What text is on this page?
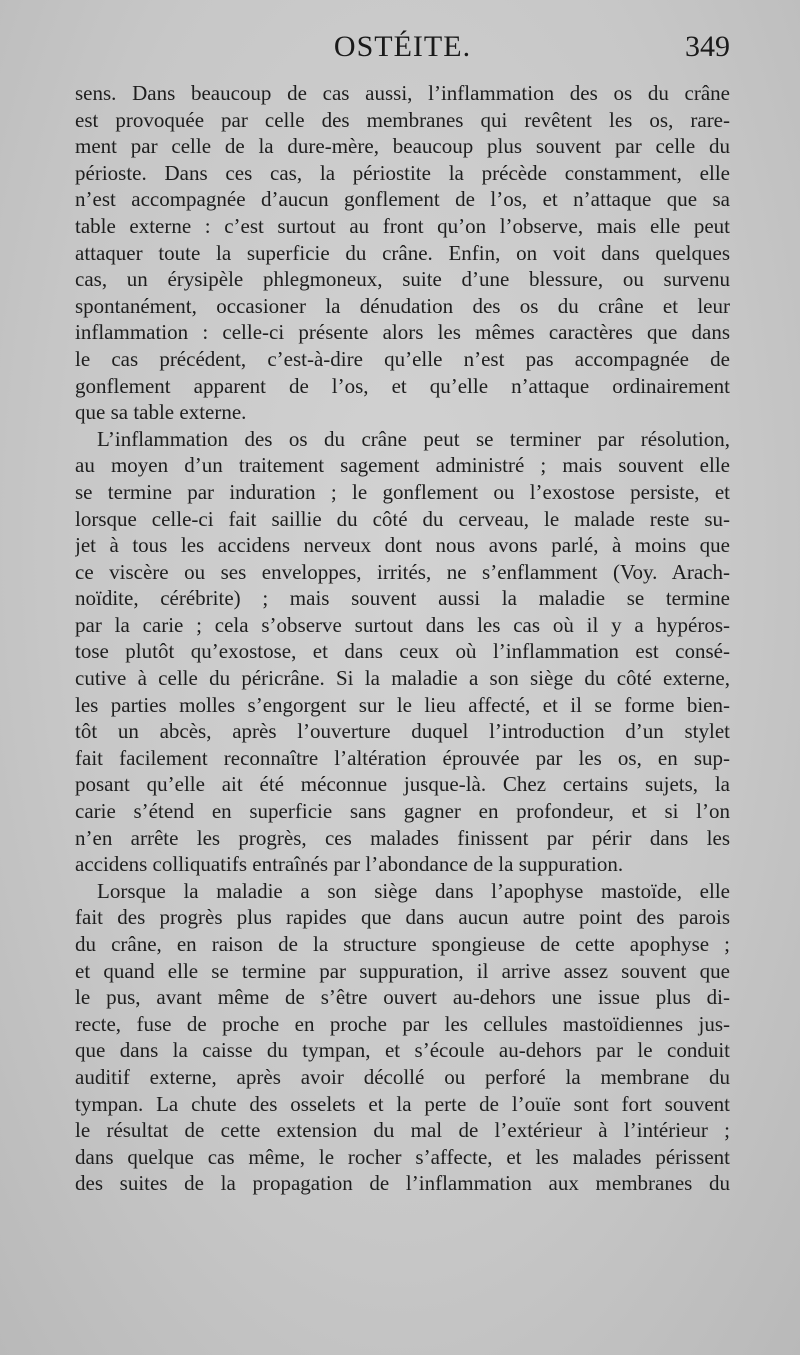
OSTÉITE.	349
sens. Dans beaucoup de cas aussi, l’inflammation des os du crâne
est provoquée par celle des membranes qui revêtent les os, rare-
ment par celle de la dure-mère, beaucoup plus souvent par celle du
périoste. Dans ces cas, la périostite la précède constamment, elle
n’est accompagnée d’aucun gonflement de l’os, et n’attaque que sa
table externe : c’est surtout au front qu’on l’observe, mais elle peut
attaquer toute la superficie du crâne. Enfin, on voit dans quelques
cas, un érysipèle phlegmoneux, suite d’une blessure, ou survenu
spontanément, occasioner la dénudation des os du crâne et leur
inflammation : celle-ci présente alors les mêmes caractères que dans
le cas précédent, c’est-à-dire qu’elle n’est pas accompagnée de
gonflement apparent de l’os, et qu’elle n’attaque ordinairement
que sa table externe.
L’inflammation des os du crâne peut se terminer par résolution,
au moyen d’un traitement sagement administré ; mais souvent elle
se termine par induration ; le gonflement ou l’exostose persiste, et
lorsque celle-ci fait saillie du côté du cerveau, le malade reste su-
jet à tous les accidens nerveux dont nous avons parlé, à moins que
ce viscère ou ses enveloppes, irrités, ne s’enflamment (Voy. Arach-
noïdite, cérébrite) ; mais souvent aussi la maladie se termine
par la carie ; cela s’observe surtout dans les cas où il y a hypéros-
tose plutôt qu’exostose, et dans ceux où l’inflammation est consé-
cutive à celle du péricrâne. Si la maladie a son siège du côté externe,
les parties molles s’engorgent sur le lieu affecté, et il se forme bien-
tôt un abcès, après l’ouverture duquel l’introduction d’un stylet
fait facilement reconnaître l’altération éprouvée par les os, en sup-
posant qu’elle ait été méconnue jusque-là. Chez certains sujets, la
carie s’étend en superficie sans gagner en profondeur, et si l’on
n’en arrête les progrès, ces malades finissent par périr dans les
accidens colliquatifs entraînés par l’abondance de la suppuration.
Lorsque la maladie a son siège dans l’apophyse mastoïde, elle
fait des progrès plus rapides que dans aucun autre point des parois
du crâne, en raison de la structure spongieuse de cette apophyse ;
et quand elle se termine par suppuration, il arrive assez souvent que
le pus, avant même de s’être ouvert au-dehors une issue plus di-
recte, fuse de proche en proche par les cellules mastoïdiennes jus-
que dans la caisse du tympan, et s’écoule au-dehors par le conduit
auditif externe, après avoir décollé ou perforé la membrane du
tympan. La chute des osselets et la perte de l’ouïe sont fort souvent
le résultat de cette extension du mal de l’extérieur à l’intérieur ;
dans quelque cas même, le rocher s’affecte, et les malades périssent
des suites de la propagation de l’inflammation aux membranes du
